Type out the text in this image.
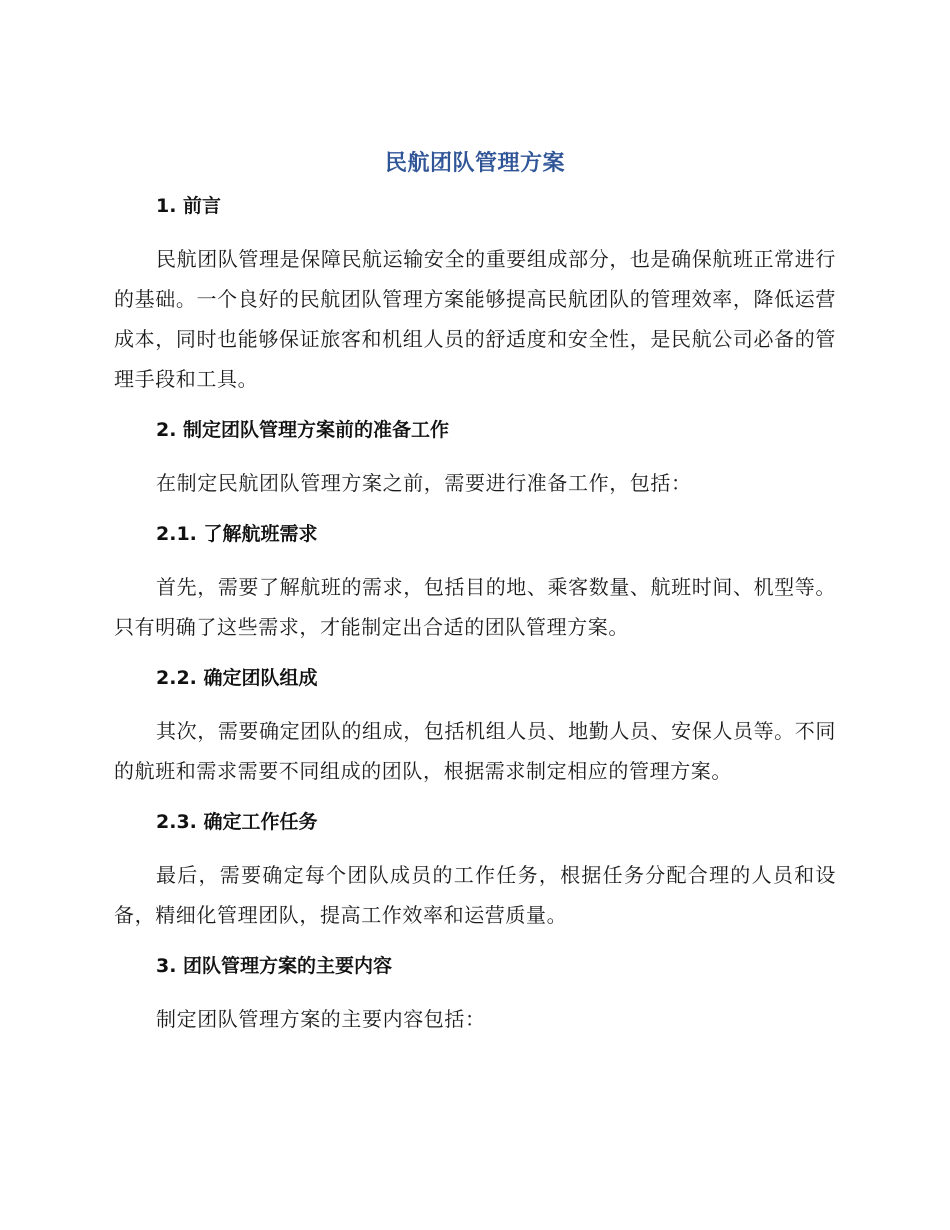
民航团队管理方案
1. 前言

民航团队管理是保障民航运输安全的重要组成部分，也是确保航班正常进行的基础。一个良好的民航团队管理方案能够提高民航团队的管理效率，降低运营成本，同时也能够保证旅客和机组人员的舒适度和安全性，是民航公司必备的管理手段和工具。

2. 制定团队管理方案前的准备工作

在制定民航团队管理方案之前，需要进行准备工作，包括：

2.1. 了解航班需求

首先，需要了解航班的需求，包括目的地、乘客数量、航班时间、机型等。只有明确了这些需求，才能制定出合适的团队管理方案。

2.2. 确定团队组成

其次，需要确定团队的组成，包括机组人员、地勤人员、安保人员等。不同的航班和需求需要不同组成的团队，根据需求制定相应的管理方案。

2.3. 确定工作任务

最后，需要确定每个团队成员的工作任务，根据任务分配合理的人员和设备，精细化管理团队，提高工作效率和运营质量。

3. 团队管理方案的主要内容

制定团队管理方案的主要内容包括：
